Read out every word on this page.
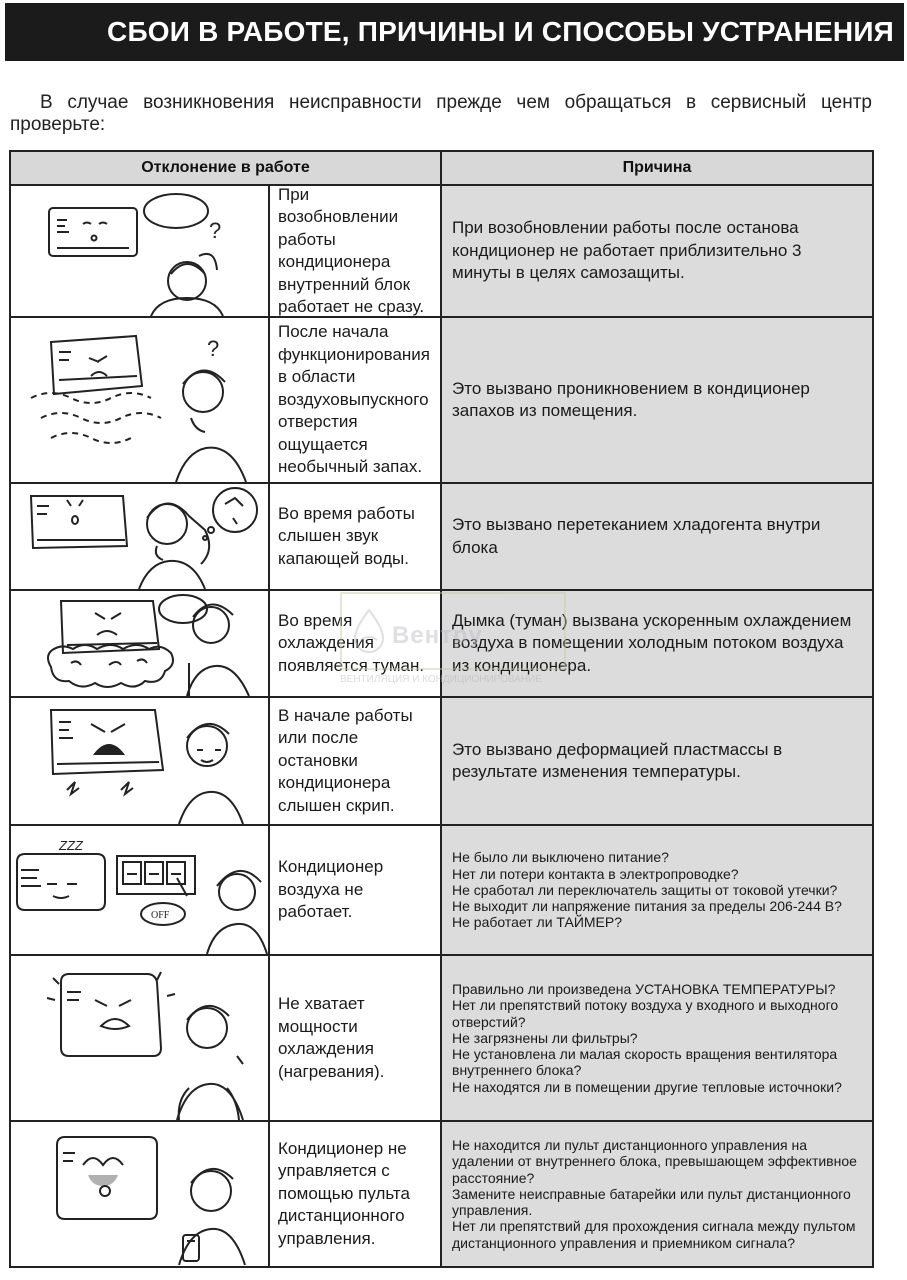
СБОИ В РАБОТЕ, ПРИЧИНЫ И СПОСОБЫ УСТРАНЕНИЯ
В случае возникновения неисправности прежде чем обращаться в сервисный центр проверьте:
Отклонение в работе	Причина
?
При возобновлении работы кондиционера внутренний блок работает не сразу.
При возобновлении работы после останова кондиционер не работает приблизительно 3 минуты в целях самозащиты.
?
После начала функционирования в области воздуховыпускного отверстия ощущается необычный запах.
Это вызвано проникновением в кондиционер запахов из помещения.
Во время работы слышен звук капающей воды.
Это вызвано перетеканием хладогента внутри блока
Во время охлаждения появляется туман.
Дымка (туман) вызвана ускоренным охлаждением воздуха в помещении холодным потоком воздуха из кондиционера.
В начале работы или после остановки кондиционера слышен скрип.
Это вызвано деформацией пластмассы в результате изменения температуры.
ZZZ
OFF
Кондиционер воздуха не работает.
Не было ли выключено питание?
Нет ли потери контакта в электропроводке?
Не сработал ли переключатель защиты от токовой утечки?
Не выходит ли напряжение питания за пределы 206-244 В?
Не работает ли ТАЙМЕР?
Не хватает мощности охлаждения (нагревания).
Правильно ли произведена УСТАНОВКА ТЕМПЕРАТУРЫ?
Нет ли препятствий потоку воздуха у входного и выходного отверстий?
Не загрязнены ли фильтры?
Не установлена ли малая скорость вращения вентилятора внутреннего блока?
Не находятся ли в помещении другие тепловые источноки?
Кондиционер не управляется с помощью пульта дистанционного управления.
Не находится ли пульт дистанционного управления на удалении от внутреннего блока, превышающем эффективное расстояние?
Замените неисправные батарейки или пульт дистанционного управления.
Нет ли препятствий для прохождения сигнала между пультом дистанционного управления и приемником сигнала?
Вентру
ВЕНТИЛЯЦИЯ И КОНДИЦИОНИРОВАНИЕ
